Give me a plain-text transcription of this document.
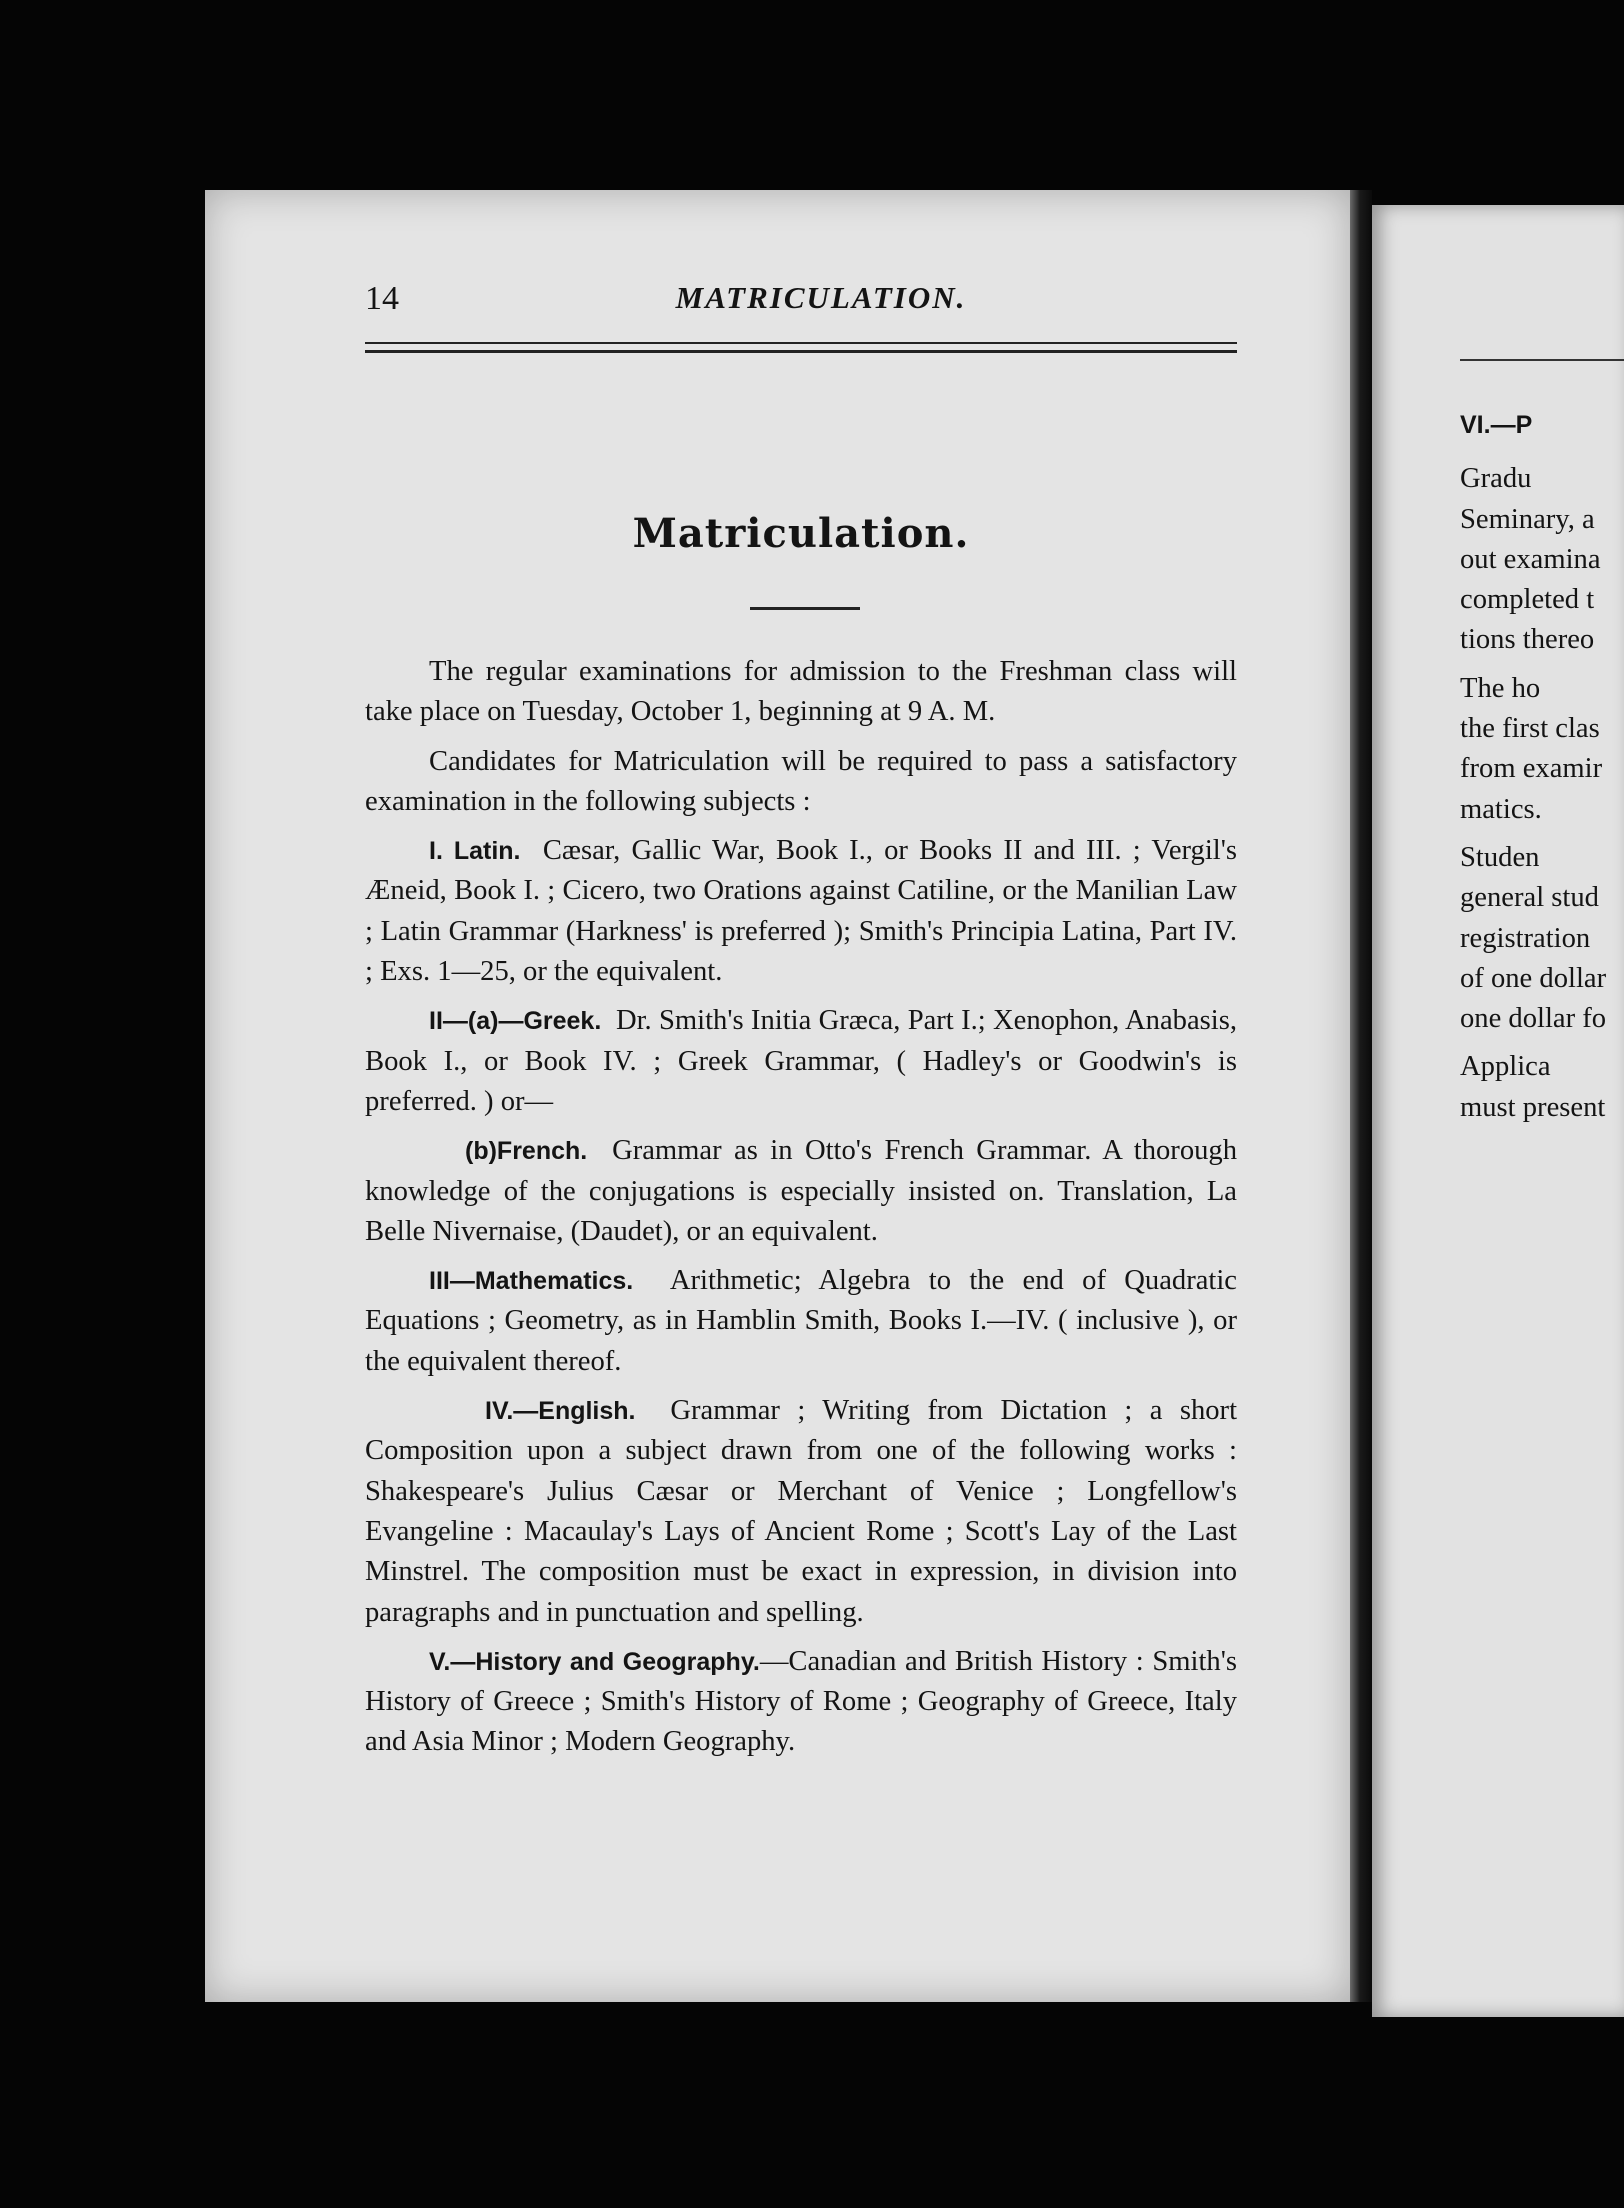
14	MATRICULATION.
Matriculation.

The regular examinations for admission to the Freshman class will take place on Tuesday, October 1, beginning at 9 A. M.

Candidates for Matriculation will be required to pass a satisfactory examination in the following subjects :

I. Latin. Cæsar, Gallic War, Book I., or Books II and III. ; Vergil's Æneid, Book I. ; Cicero, two Orations against Catiline, or the Manilian Law ; Latin Grammar (Harkness' is preferred ); Smith's Principia Latina, Part IV. ; Exs. 1—25, or the equivalent.

II—(a)—Greek. Dr. Smith's Initia Græca, Part I.; Xenophon, Anabasis, Book I., or Book IV. ; Greek Grammar, ( Hadley's or Goodwin's is preferred. ) or—

(b)French. Grammar as in Otto's French Grammar. A thorough knowledge of the conjugations is especially insisted on. Translation, La Belle Nivernaise, (Daudet), or an equivalent.

III—Mathematics. Arithmetic; Algebra to the end of Quadratic Equations ; Geometry, as in Hamblin Smith, Books I.—IV. ( inclusive ), or the equivalent thereof.

IV.—English. Grammar ; Writing from Dictation ; a short Composition upon a subject drawn from one of the following works : Shakespeare's Julius Cæsar or Merchant of Venice ; Longfellow's Evangeline : Macaulay's Lays of Ancient Rome ; Scott's Lay of the Last Minstrel. The composition must be exact in expression, in division into paragraphs and in punctuation and spelling.

V.—History and Geography.—Canadian and British History : Smith's History of Greece ; Smith's History of Rome ; Geography of Greece, Italy and Asia Minor ; Modern Geography.

VI.—P
Gradu
Seminary, a
out examina
completed t
tions thereo
The ho
the first clas
from examir
matics.
Studen
general stud
registration
of one dollar
one dollar fo
Applica
must present
